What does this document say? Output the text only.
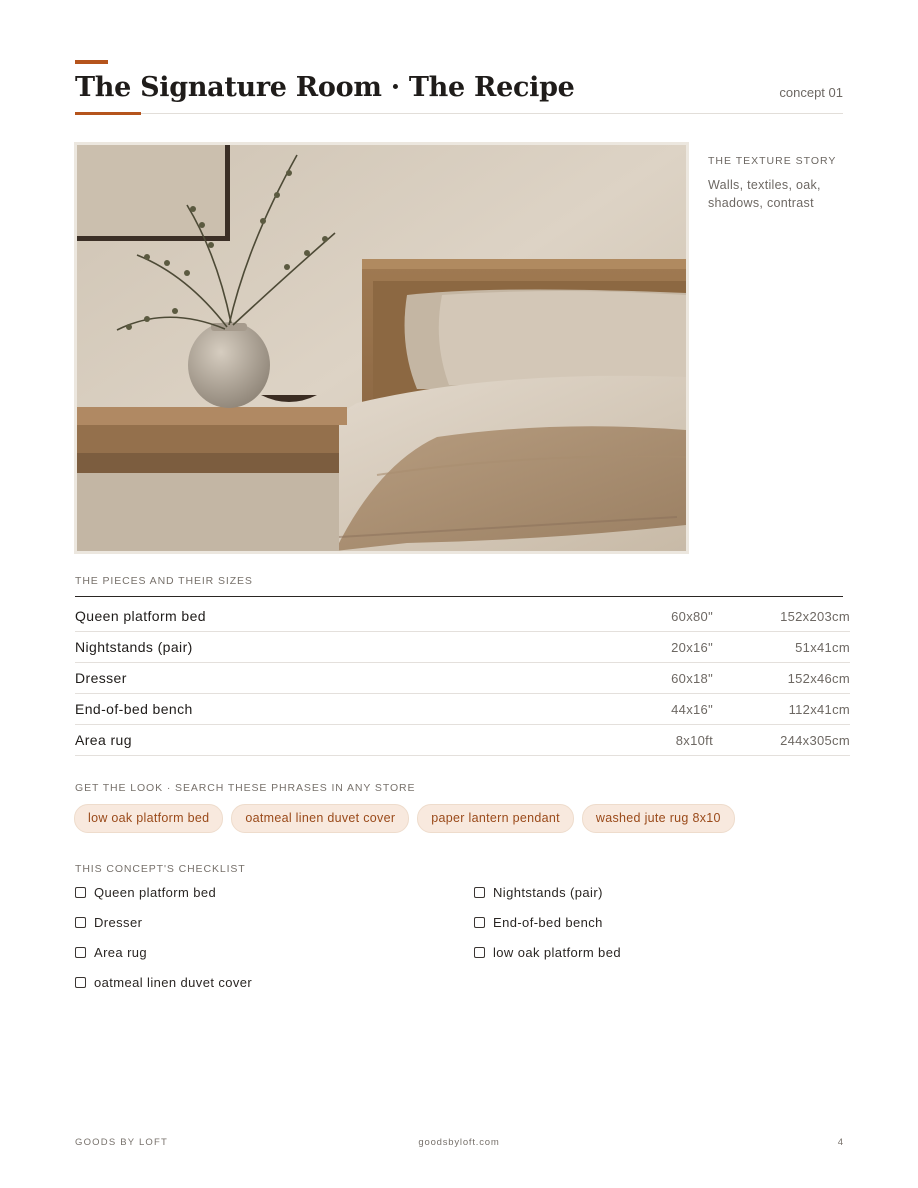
The Signature Room · The Recipe	concept 01
THE TEXTURE STORY
Walls, textiles, oak, shadows, contrast
THE PIECES AND THEIR SIZES
Queen platform bed	60x80"	152x203cm
Nightstands (pair)	20x16"	51x41cm
Dresser	60x18"	152x46cm
End-of-bed bench	44x16"	112x41cm
Area rug	8x10ft	244x305cm
GET THE LOOK · SEARCH THESE PHRASES IN ANY STORE
low oak platform bed	oatmeal linen duvet cover	paper lantern pendant	washed jute rug 8x10
THIS CONCEPT'S CHECKLIST
Queen platform bed	Nightstands (pair)
Dresser	End-of-bed bench
Area rug	low oak platform bed
oatmeal linen duvet cover
GOODS BY LOFT	goodsbyloft.com	4
